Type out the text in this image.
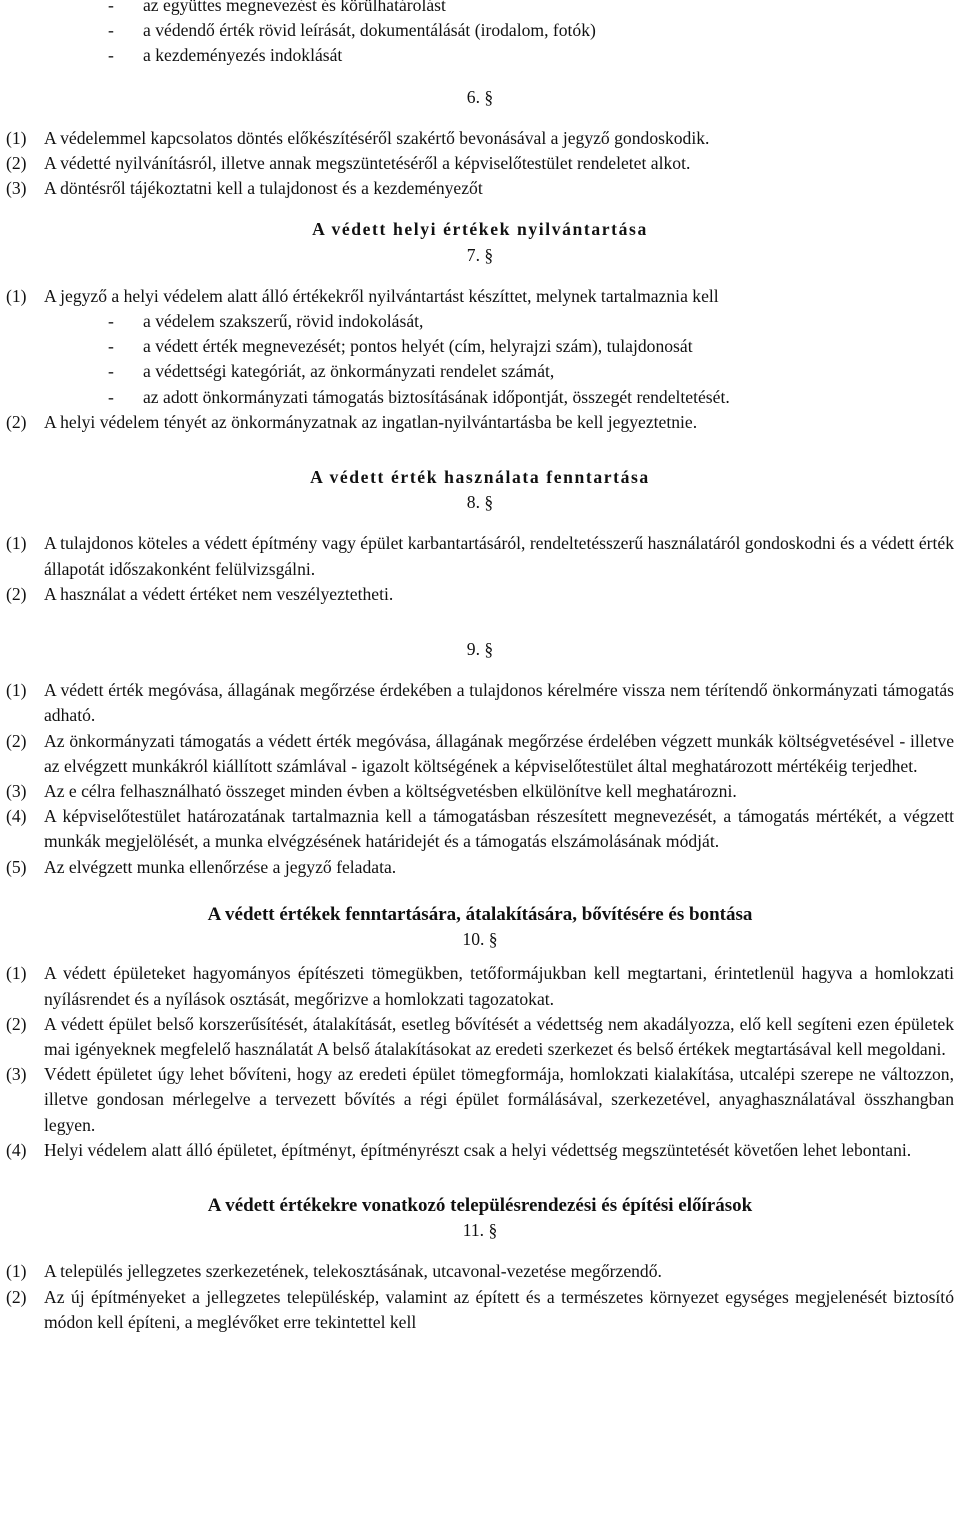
- az együttes megnevezést és körülhatárolást
- a védendő érték rövid leírását, dokumentálását (irodalom, fotók)
- a kezdeményezés indoklását
6. §
(1) A védelemmel kapcsolatos döntés előkészítéséről szakértő bevonásával a jegyző gondoskodik.
(2) A védetté nyilvánításról, illetve annak megszüntetéséről a képviselőtestület rendeletet alkot.
(3) A döntésről tájékoztatni kell a tulajdonost és a kezdeményezőt
A védett helyi értékek nyilvántartása
7. §
(1) A jegyző a helyi védelem alatt álló értékekről nyilvántartást készíttet, melynek tartalmaznia kell
- a védelem szakszerű, rövid indokolását,
- a védett érték megnevezését; pontos helyét (cím, helyrajzi szám), tulajdonosát
- a védettségi kategóriát, az önkormányzati rendelet számát,
- az adott önkormányzati támogatás biztosításának időpontját, összegét rendeltetését.
(2) A helyi védelem tényét az önkormányzatnak az ingatlan-nyilvántartásba be kell jegyeztetnie.
A védett érték használata fenntartása
8. §
(1) A tulajdonos köteles a védett építmény vagy épület karbantartásáról, rendeltetésszerű használatáról gondoskodni és a védett érték állapotát időszakonként felülvizsgálni.
(2) A használat a védett értéket nem veszélyeztetheti.
9. §
(1) A védett érték megóvása, állagának megőrzése érdekében a tulajdonos kérelmére vissza nem térítendő önkormányzati támogatás adható.
(2) Az önkormányzati támogatás a védett érték megóvása, állagának megőrzése érdelében végzett munkák költségvetésével - illetve az elvégzett munkákról kiállított számlával - igazolt költségének a képviselőtestület által meghatározott mértékéig terjedhet.
(3) Az e célra felhasználható összeget minden évben a költségvetésben elkülönítve kell meghatározni.
(4) A képviselőtestület határozatának tartalmaznia kell a támogatásban részesített megnevezését, a támogatás mértékét, a végzett munkák megjelölését, a munka elvégzésének határidejét és a támogatás elszámolásának módját.
(5) Az elvégzett munka ellenőrzése a jegyző feladata.
A védett értékek fenntartására, átalakítására, bővítésére és bontása
10. §
(1) A védett épületeket hagyományos építészeti tömegükben, tetőformájukban kell megtartani, érintetlenül hagyva a homlokzati nyílásrendet és a nyílások osztását, megőrizve a homlokzati tagozatokat.
(2) A védett épület belső korszerűsítését, átalakítását, esetleg bővítését a védettség nem akadályozza, elő kell segíteni ezen épületek mai igényeknek megfelelő használatát A belső átalakításokat az eredeti szerkezet és belső értékek megtartásával kell megoldani.
(3) Védett épületet úgy lehet bővíteni, hogy az eredeti épület tömegformája, homlokzati kialakítása, utcalépi szerepe ne változzon, illetve gondosan mérlegelve a tervezett bővítés a régi épület formálásával, szerkezetével, anyaghasználatával összhangban legyen.
(4) Helyi védelem alatt álló épületet, építményt, építményrészt csak a helyi védettség megszüntetését követően lehet lebontani.
A védett értékekre vonatkozó településrendezési és építési előírások
11. §
(1) A település jellegzetes szerkezetének, telekosztásának, utcavonal-vezetése megőrzendő.
(2) Az új építményeket a jellegzetes településkép, valamint az épített és a természetes környezet egységes megjelenését biztosító módon kell építeni, a meglévőket erre tekintettel kell
